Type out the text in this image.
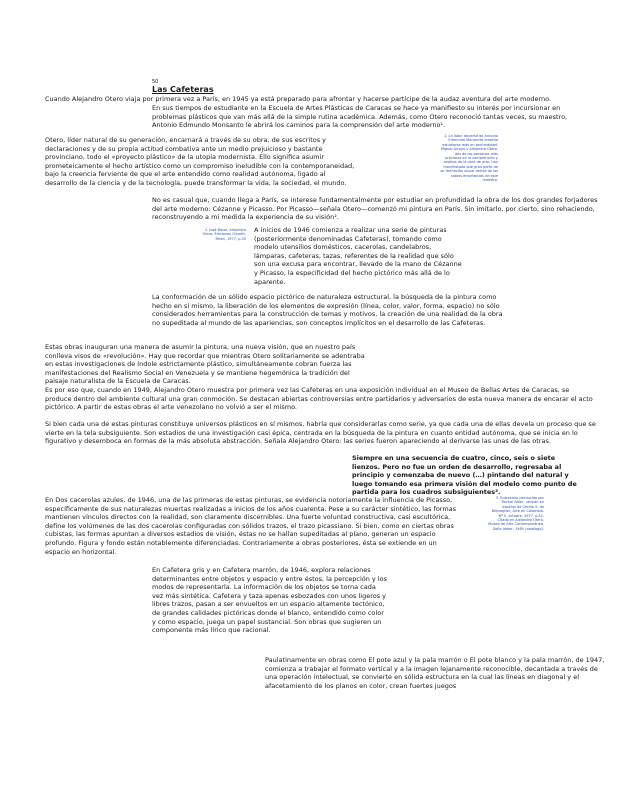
50
Las Cafeteras

Cuando Alejandro Otero viaja por primera vez a París, en 1945 ya está preparado para afrontar y hacerse partícipe de la audaz aventura del arte moderno.

En sus tiempos de estudiante en la Escuela de Artes Plásticas de Caracas se hace ya manifiesto su interés por incursionar en problemas plásticos que van más allá de la simple rutina académica. Además, como Otero reconoció tantas veces, su maestro, Antonio Edmundo Monsanto le abrirá los caminos para la comprensión del arte moderno¹.

Otero, líder natural de su generación, encarnará a través de su obra, de sus escritos y declaraciones y de su propia actitud combativa ante un medio prejuicioso y bastante provinciano, todo el «proyecto plástico» de la utopía modernista. Ello significa asumir prometeicamente el hecho artístico como un compromiso ineludible con la contemporaneidad, bajo la creencia ferviente de que el arte entendido como realidad autónoma, ligado al desarrollo de la ciencia y de la tecnología, puede transformar la vida, la sociedad, el mundo.

No es casual que, cuando llega a París, se interese fundamentalmente por estudiar en profundidad la obra de los dos grandes forjadores del arte moderno: Cézanne y Picasso. Por Picasso—señala Otero—comenzó mi pintura en París. Sin imitarlo, por cierto, sino rehaciendo, reconstruyendo a mi medida la experiencia de su visión².

A inicios de 1946 comienza a realizar una serie de pinturas (posteriormente denominadas Cafeteras), tomando como modelo utensilios domésticos, cacerolas, candelabros, lámparas, cafeteras, tazas, referentes de la realidad que sólo son una excusa para encontrar, llevado de la mano de Cézanne y Picasso, la especificidad del hecho pictórico más allá de lo aparente.

La conformación de un sólido espacio pictórico de naturaleza estructural, la búsqueda de la pintura como hecho en sí mismo, la liberación de los elementos de expresión (línea, color, valor, forma, espacio) no sólo considerados herramientas para la construcción de temas y motivos, la creación de una realidad de la obra no supeditada al mundo de las apariencias, son conceptos implícitos en el desarrollo de las Cafeteras.

Estas obras inauguran una manera de asumir la pintura, una nueva visión, que en nuestro país conlleva visos de «revolución». Hay que recordar que mientras Otero solitariamente se adentraba en estas investigaciones de índole estrictamente plástico, simultáneamente cobran fuerza las manifestaciones del Realismo Social en Venezuela y se mantiene hegemónica la tradición del paisaje naturalista de la Escuela de Caracas.

Es por eso que, cuando en 1949, Alejandro Otero muestra por primera vez las Cafeteras en una exposición individual en el Museo de Bellas Artes de Caracas, se produce dentro del ambiente cultural una gran conmoción. Se destacan abiertas controversias entre partidarios y adversarios de esta nueva manera de encarar el acto pictórico. A partir de estas obras el arte venezolano no volvió a ser el mismo.

Si bien cada una de estas pinturas constituye universos plásticos en sí mismos, habría que considerarlas como serie, ya que cada una de ellas devela un proceso que se vierte en la tela subsiguiente. Son estadios de una investigación casi épica, centrada en la búsqueda de la pintura en cuanto entidad autónoma, que se inicia en lo figurativo y desemboca en formas de la más absoluta abstracción. Señala Alejandro Otero: las series fueron apareciendo al derivarse las unas de las otras.

Siempre en una secuencia de cuatro, cinco, seis o siete lienzos. Pero no fue un orden de desarrollo, regresaba al principio y comenzaba de nuevo (…) pintando del natural y luego tomando esa primera visión del modelo como punto de partida para los cuadros subsiguientes³.

En Dos cacerolas azules, de 1946, una de las primeras de estas pinturas, se evidencia notoriamente la influencia de Picasso, específicamente de sus naturalezas muertas realizadas a inicios de los años cuarenta. Pese a su carácter sintético, las formas mantienen vínculos directos con la realidad, son claramente discernibles. Una fuerte voluntad constructiva, casi escultórica, define los volúmenes de las dos cacerolas configuradas con sólidos trazos, el trazo picassiano. Si bien, como en ciertas obras cubistas, las formas apuntan a diversos estadios de visión, éstas no se hallan supeditadas al plano, generan un espacio profundo. Figura y fondo están notablemente diferenciadas. Contrariamente a obras posteriores, ésta se extiende en un espacio en horizontal.

En Cafetera gris y en Cafetera marrón, de 1946, explora relaciones determinantes entre objetos y espacio y entre éstos, la percepción y los modos de representarla. La información de los objetos se torna cada vez más sintética. Cafetera y taza apenas esbozados con unos ligeros y libres trazos, pasan a ser envueltos en un espacio altamente tectónico, de grandes calidades pictóricas donde el blanco, entendido como color y como espacio, juega un papel sustancial. Son obras que sugieren un componente más lírico que racional.

Paulatinamente en obras como El pote azul y la pala marrón o El pote blanco y la pala marrón, de 1947, comienza a trabajar el formato vertical y a la imagen lejanamente reconocible, decantada a través de una operación intelectual, se convierte en sólida estructura en la cual las líneas en diagonal y el afacetamiento de los planos en color, crean fuertes juegos

1. La labor docente de Antonio Edmundo Monsanto amerita estudiarse más en profundidad. Miguel Arroyo y Alejandro Otero, dos de las personas más preclaras en la comprensión y análisis de la obra de arte, han manifestado que gran parte de su formación visual deriva de las sabias enseñanzas de este maestro.

2. José Balza. Alejandro Otero. Ediciones Olivetti, Milán, 1977, p.35

3. Entrevista conducida por Rachel Adler, versión en español de Cecilia S. de Birbragher, Arte en Colombia. Nº 5, octubre, 1977, p.52. Citado en Alejandro Otero, Museo de Arte Contemporáneo, Sofía Imber, 1985 (catálogo).
